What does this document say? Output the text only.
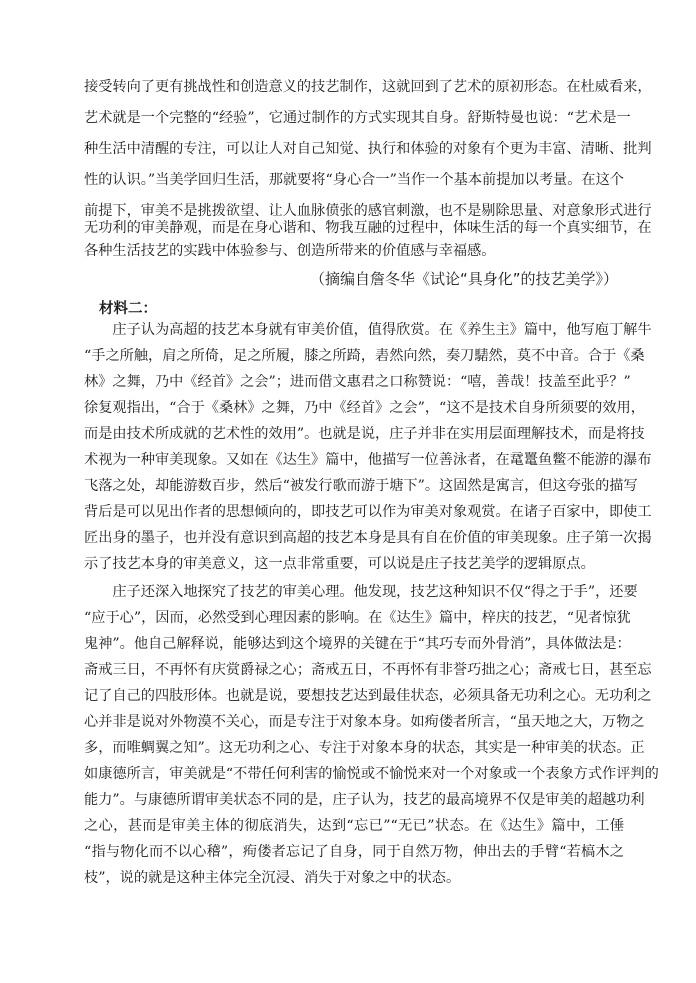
接受转向了更有挑战性和创造意义的技艺制作，这就回到了艺术的原初形态。在杜威看来，
艺术就是一个完整的“经验”，它通过制作的方式实现其自身。舒斯特曼也说：“艺术是一
种生活中清醒的专注，可以让人对自己知觉、执行和体验的对象有个更为丰富、清晰、批判
性的认识。”当美学回归生活，那就要将“身心合一”当作一个基本前提加以考量。在这个
前提下，审美不是挑拨欲望、让人血脉偾张的感官刺激，也不是剔除思量、对意象形式进行
无功利的审美静观，而是在身心谐和、物我互融的过程中，体味生活的每一个真实细节，在
各种生活技艺的实践中体验参与、创造所带来的价值感与幸福感。
（摘编自詹冬华《试论“具身化”的技艺美学》）
材料二：
　　庄子认为高超的技艺本身就有审美价值，值得欣赏。在《养生主》篇中，他写庖丁解牛
“手之所触，肩之所倚，足之所履，膝之所踦，砉然向然，奏刀騞然，莫不中音。合于《桑
林》之舞，乃中《经首》之会”；进而借文惠君之口称赞说：“嘻，善哉！技盖至此乎？”
徐复观指出，“合于《桑林》之舞，乃中《经首》之会”，“这不是技术自身所须要的效用，
而是由技术所成就的艺术性的效用”。也就是说，庄子并非在实用层面理解技术，而是将技
术视为一种审美现象。又如在《达生》篇中，他描写一位善泳者，在鼋鼍鱼鳖不能游的瀑布
飞落之处，却能游数百步，然后“被发行歌而游于塘下”。这固然是寓言，但这夸张的描写
背后是可以见出作者的思想倾向的，即技艺可以作为审美对象观赏。在诸子百家中，即使工
匠出身的墨子，也并没有意识到高超的技艺本身是具有自在价值的审美现象。庄子第一次揭
示了技艺本身的审美意义，这一点非常重要，可以说是庄子技艺美学的逻辑原点。
　　庄子还深入地探究了技艺的审美心理。他发现，技艺这种知识不仅“得之于手”，还要
“应于心”，因而，必然受到心理因素的影响。在《达生》篇中，梓庆的技艺，“见者惊犹
鬼神”。他自己解释说，能够达到这个境界的关键在于“其巧专而外骨消”，具体做法是：
斋戒三日，不再怀有庆赏爵禄之心；斋戒五日，不再怀有非誉巧拙之心；斋戒七日，甚至忘
记了自己的四肢形体。也就是说，要想技艺达到最佳状态，必须具备无功利之心。无功利之
心并非是说对外物漠不关心，而是专注于对象本身。如痀偻者所言，“虽天地之大，万物之
多，而唯蜩翼之知”。这无功利之心、专注于对象本身的状态，其实是一种审美的状态。正
如康德所言，审美就是“不带任何利害的愉悦或不愉悦来对一个对象或一个表象方式作评判的
能力”。与康德所谓审美状态不同的是，庄子认为，技艺的最高境界不仅是审美的超越功利
之心，甚而是审美主体的彻底消失，达到“忘已”“无已”状态。在《达生》篇中，工倕
“指与物化而不以心稽”，痀偻者忘记了自身，同于自然万物，伸出去的手臂“若槁木之
枝”，说的就是这种主体完全沉浸、消失于对象之中的状态。
